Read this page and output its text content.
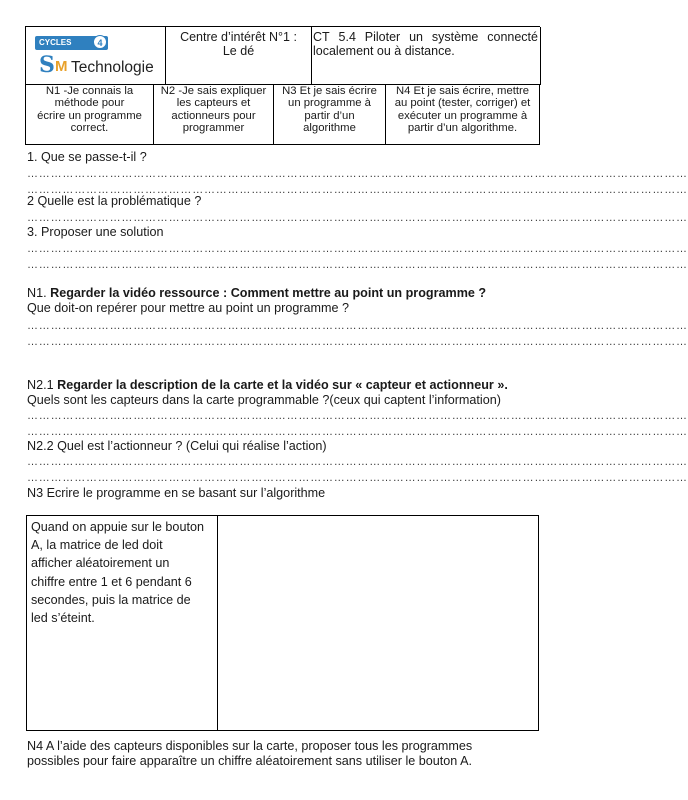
CYCLES	4
S M Technologie
Centre d’intérêt N°1 :
Le dé
CT 5.4 Piloter un système connecté
localement ou à distance.
N1 -Je connais la
méthode pour
écrire un programme
correct.
N2 -Je sais expliquer
les capteurs et
actionneurs pour
programmer
N3 Et je sais écrire
un programme à
partir d’un
algorithme
N4 Et je sais écrire, mettre
au point (tester, corriger) et
exécuter un programme à
partir d’un algorithme.
1. Que se passe-t-il ?
……………………………………………………………………………………………………………………………………………………
……………………………………………………………………………………………………………………………………………………
2 Quelle est la problématique ?
……………………………………………………………………………………………………………………………………………………
3. Proposer une solution
……………………………………………………………………………………………………………………………………………………
……………………………………………………………………………………………………………………………………………………
N1. Regarder la vidéo ressource : Comment mettre au point un programme ?
Que doit-on repérer pour mettre au point un programme ?
……………………………………………………………………………………………………………………………………………………
……………………………………………………………………………………………………………………………………………………
N2.1 Regarder la description de la carte et la vidéo sur « capteur et actionneur ».
Quels sont les capteurs dans la carte programmable ?(ceux qui captent l’information)
……………………………………………………………………………………………………………………………………………………
……………………………………………………………………………………………………………………………………………………
N2.2 Quel est l’actionneur ? (Celui qui réalise l’action)
……………………………………………………………………………………………………………………………………………………
……………………………………………………………………………………………………………………………………………………
N3 Ecrire le programme en se basant sur l’algorithme
Quand on appuie sur le bouton
A, la matrice de led doit
afficher aléatoirement un
chiffre entre 1 et 6 pendant 6
secondes, puis la matrice de
led s’éteint.
N4 A l’aide des capteurs disponibles sur la carte, proposer tous les programmes
possibles pour faire apparaître un chiffre aléatoirement sans utiliser le bouton A.
